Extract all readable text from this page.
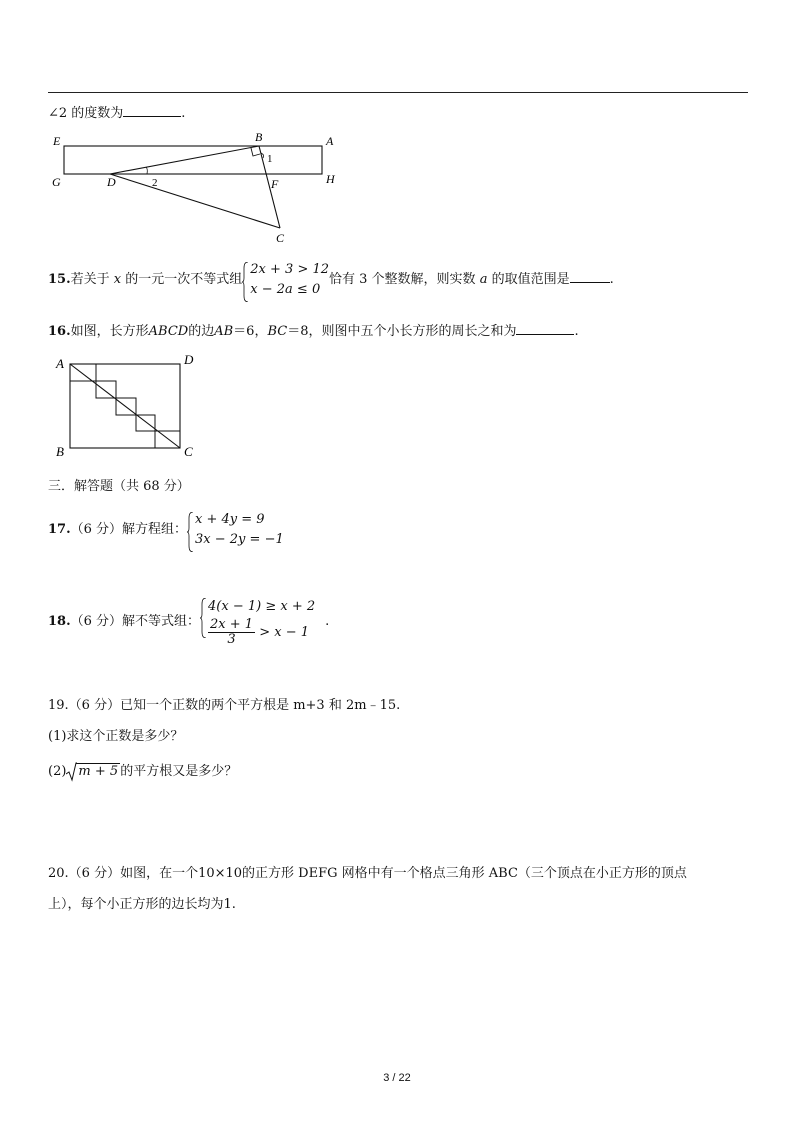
∠2 的度数为	.
E	B	A
1
G	D	2	F	H
C
15.若关于 x 的一元一次不等式组
2x + 3 > 12
x − 2a ≤ 0
恰有 3 个整数解，则实数 a 的取值范围是	.
16.如图，长方形ABCD的边AB＝6，BC＝8，则图中五个小长方形的周长之和为	.
A	D
B	C
三．解答题（共 68 分）
17.（6 分）解方程组：
x + 4y = 9
3x − 2y = −1
18.（6 分）解不等式组：
4(x − 1) ≥ x + 2
$\frac{2x + 1}{3} > x - 1$
.
19.（6 分）已知一个正数的两个平方根是 m+3 和 2m﹣15.
(1)求这个正数是多少？
(2) m + 5 的平方根又是多少？
20.（6 分）如图，在一个10×10的正方形 DEFG 网格中有一个格点三角形 ABC（三个顶点在小正方形的顶点
上），每个小正方形的边长均为1.
3 / 22
